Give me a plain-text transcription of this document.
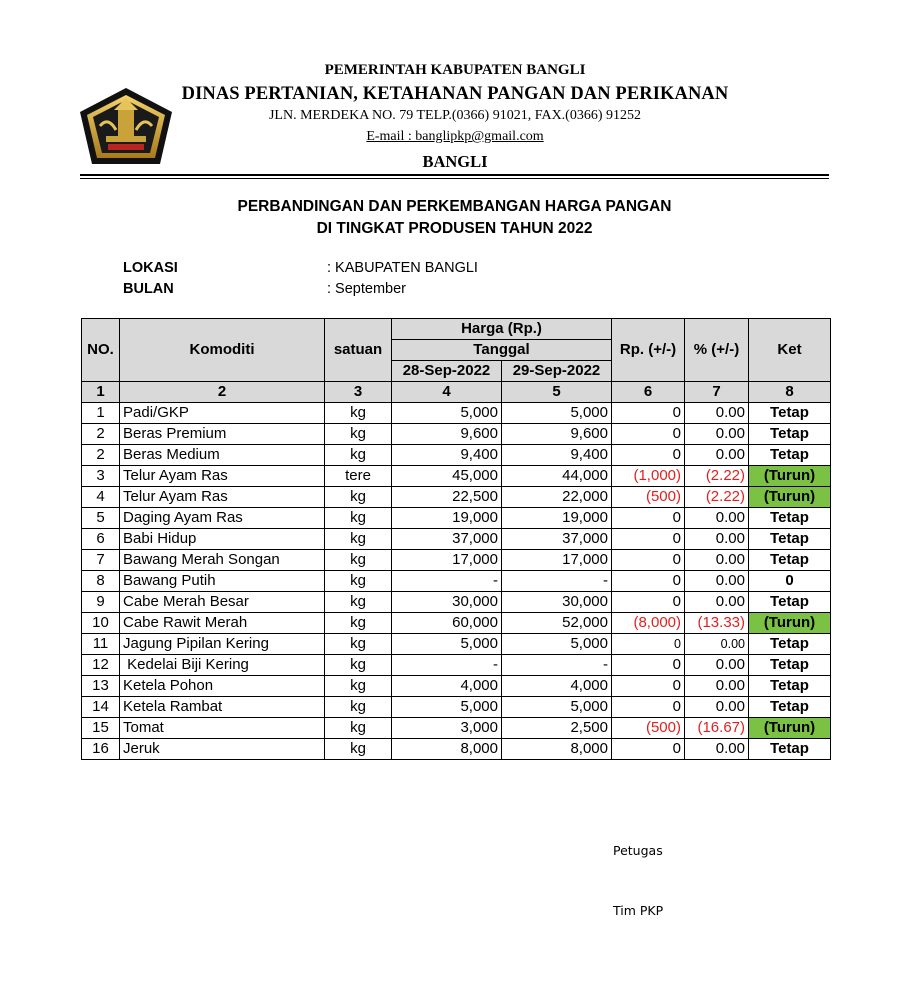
PEMERINTAH KABUPATEN BANGLI
DINAS PERTANIAN, KETAHANAN PANGAN DAN PERIKANAN
JLN. MERDEKA NO. 79 TELP.(0366) 91021, FAX.(0366) 91252
E-mail : banglipkp@gmail.com
BANGLI
PERBANDINGAN DAN PERKEMBANGAN HARGA PANGAN
DI TINGKAT PRODUSEN TAHUN 2022
LOKASI	: KABUPATEN BANGLI
BULAN	: September
NO.	Komoditi	satuan	Harga (Rp.)		Rp. (+/-)	% (+/-)	Ket
			Tanggal				
			28-Sep-2022	29-Sep-2022			
1	2	3	4	5	6	7	8
1	Padi/GKP	kg	5,000	5,000	0	0.00	Tetap
2	Beras Premium	kg	9,600	9,600	0	0.00	Tetap
2	Beras Medium	kg	9,400	9,400	0	0.00	Tetap
3	Telur Ayam Ras	tere	45,000	44,000	(1,000)	(2.22)	(Turun)
4	Telur Ayam Ras	kg	22,500	22,000	(500)	(2.22)	(Turun)
5	Daging Ayam Ras	kg	19,000	19,000	0	0.00	Tetap
6	Babi Hidup	kg	37,000	37,000	0	0.00	Tetap
7	Bawang Merah Songan	kg	17,000	17,000	0	0.00	Tetap
8	Bawang Putih	kg	-	-	0	0.00	0
9	Cabe Merah Besar	kg	30,000	30,000	0	0.00	Tetap
10	Cabe Rawit Merah	kg	60,000	52,000	(8,000)	(13.33)	(Turun)
11	Jagung Pipilan Kering	kg	5,000	5,000	0	0.00	Tetap
12	Kedelai Biji Kering	kg	-	-	0	0.00	Tetap
13	Ketela Pohon	kg	4,000	4,000	0	0.00	Tetap
14	Ketela Rambat	kg	5,000	5,000	0	0.00	Tetap
15	Tomat	kg	3,000	2,500	(500)	(16.67)	(Turun)
16	Jeruk	kg	8,000	8,000	0	0.00	Tetap
Petugas
Tim PKP
